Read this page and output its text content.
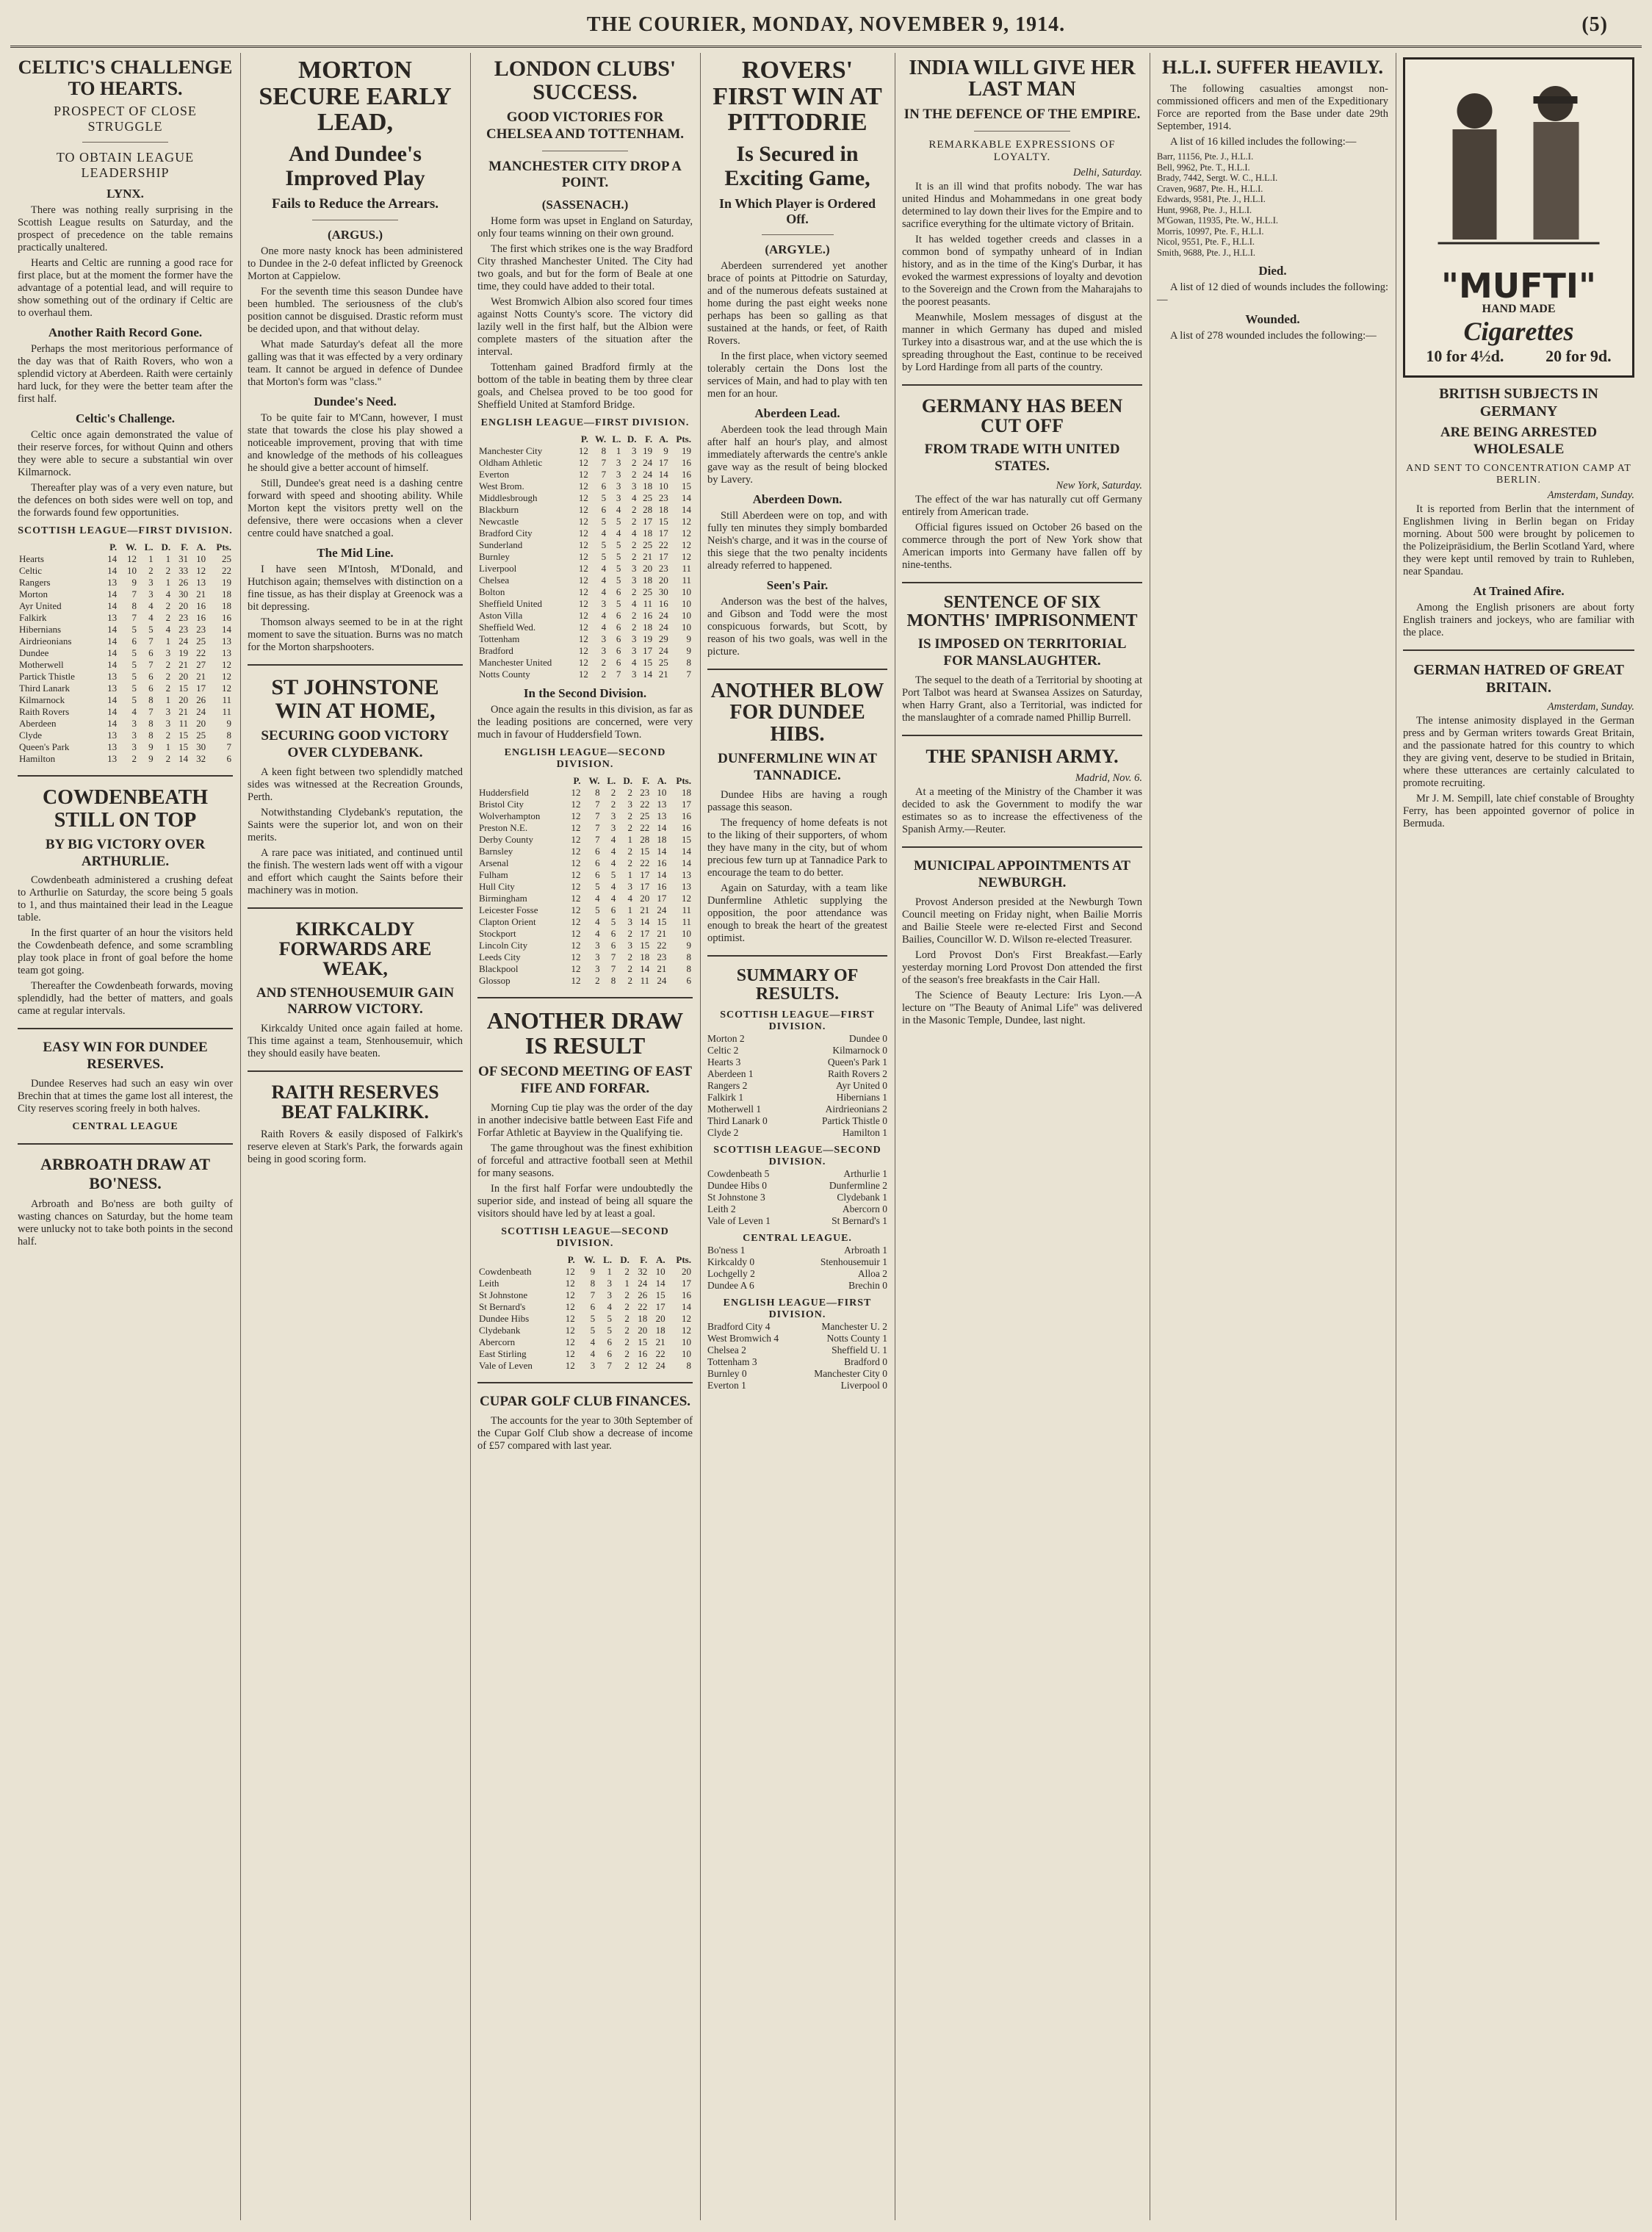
THE COURIER, MONDAY, NOVEMBER 9, 1914.	(5)
CELTIC'S CHALLENGE TO HEARTS.
PROSPECT OF CLOSE STRUGGLE
TO OBTAIN LEAGUE LEADERSHIP
LYNX.

There was nothing really surprising in the Scottish League results on Saturday, and the prospect of precedence on the table remains practically unaltered.

Hearts and Celtic are running a good race for first place, but at the moment the former have the advantage of a potential lead, and will require to show something out of the ordinary if Celtic are to overhaul them.

Another Raith Record Gone.

Perhaps the most meritorious performance of the day was that of Raith Rovers, who won a splendid victory at Aberdeen. Raith were certainly hard luck, for they were the better team after the first half.

Celtic's Challenge.

Celtic once again demonstrated the value of their reserve forces, for without Quinn and others they were able to secure a substantial win over Kilmarnock.

Thereafter play was of a very even nature, but the defences on both sides were well on top, and the forwards found few opportunities.

SCOTTISH LEAGUE—FIRST DIVISION.
	P.	W.	L.	D.	F.	A.	Pts.
Hearts	14	12	1	1	31	10	25
Celtic	14	10	2	2	33	12	22
Rangers	13	9	3	1	26	13	19
Morton	14	7	3	4	30	21	18
Ayr United	14	8	4	2	20	16	18
Falkirk	13	7	4	2	23	16	16
Hibernians	14	5	5	4	23	23	14
Airdrieonians	14	6	7	1	24	25	13
Dundee	14	5	6	3	19	22	13
Motherwell	14	5	7	2	21	27	12
Partick Thistle	13	5	6	2	20	21	12
Third Lanark	13	5	6	2	15	17	12
Kilmarnock	14	5	8	1	20	26	11
Raith Rovers	14	4	7	3	21	24	11
Aberdeen	14	3	8	3	11	20	9
Clyde	13	3	8	2	15	25	8
Queen's Park	13	3	9	1	15	30	7
Hamilton	13	2	9	2	14	32	6
COWDENBEATH STILL ON TOP
BY BIG VICTORY OVER ARTHURLIE.

Cowdenbeath administered a crushing defeat to Arthurlie on Saturday, the score being 5 goals to 1, and thus maintained their lead in the League table.

In the first quarter of an hour the visitors held the Cowdenbeath defence, and some scrambling play took place in front of goal before the home team got going.

Thereafter the Cowdenbeath forwards, moving splendidly, had the better of matters, and goals came at regular intervals.

EASY WIN FOR DUNDEE RESERVES.

Dundee Reserves had such an easy win over Brechin that at times the game lost all interest, the City reserves scoring freely in both halves.

CENTRAL LEAGUE
ARBROATH DRAW AT BO'NESS.

Arbroath and Bo'ness are both guilty of wasting chances on Saturday, but the home team were unlucky not to take both points in the second half.

MORTON SECURE EARLY LEAD,
And Dundee's Improved Play
Fails to Reduce the Arrears.
(ARGUS.)

One more nasty knock has been administered to Dundee in the 2-0 defeat inflicted by Greenock Morton at Cappielow.

For the seventh time this season Dundee have been humbled. The seriousness of the club's position cannot be disguised. Drastic reform must be decided upon, and that without delay.

What made Saturday's defeat all the more galling was that it was effected by a very ordinary team. It cannot be argued in defence of Dundee that Morton's form was "class."

Dundee's Need.

To be quite fair to M'Cann, however, I must state that towards the close his play showed a noticeable improvement, proving that with time and knowledge of the methods of his colleagues he should give a better account of himself.

Still, Dundee's great need is a dashing centre forward with speed and shooting ability. While Morton kept the visitors pretty well on the defensive, there were occasions when a clever centre could have snatched a goal.

The Mid Line.

I have seen M'Intosh, M'Donald, and Hutchison again; themselves with distinction on a fine tissue, as has their display at Greenock was a bit depressing.

Thomson always seemed to be in at the right moment to save the situation. Burns was no match for the Morton sharpshooters.

ST JOHNSTONE WIN AT HOME,
SECURING GOOD VICTORY OVER CLYDEBANK.

A keen fight between two splendidly matched sides was witnessed at the Recreation Grounds, Perth.

Notwithstanding Clydebank's reputation, the Saints were the superior lot, and won on their merits.

A rare pace was initiated, and continued until the finish. The western lads went off with a vigour and effort which caught the Saints before their machinery was in motion.

KIRKCALDY FORWARDS ARE WEAK,
AND STENHOUSEMUIR GAIN NARROW VICTORY.

Kirkcaldy United once again failed at home. This time against a team, Stenhousemuir, which they should easily have beaten.

RAITH RESERVES BEAT FALKIRK.

Raith Rovers & easily disposed of Falkirk's reserve eleven at Stark's Park, the forwards again being in good scoring form.

LONDON CLUBS' SUCCESS.
GOOD VICTORIES FOR CHELSEA AND TOTTENHAM.
MANCHESTER CITY DROP A POINT.
(SASSENACH.)

Home form was upset in England on Saturday, only four teams winning on their own ground.

The first which strikes one is the way Bradford City thrashed Manchester United. The City had two goals, and but for the form of Beale at one time, they could have added to their total.

West Bromwich Albion also scored four times against Notts County's score. The victory did lazily well in the first half, but the Albion were complete masters of the situation after the interval.

Tottenham gained Bradford firmly at the bottom of the table in beating them by three clear goals, and Chelsea proved to be too good for Sheffield United at Stamford Bridge.

ENGLISH LEAGUE—FIRST DIVISION.
	P.	W.	L.	D.	F.	A.	Pts.
Manchester City	12	8	1	3	19	9	19
Oldham Athletic	12	7	3	2	24	17	16
Everton	12	7	3	2	24	14	16
West Brom.	12	6	3	3	18	10	15
Middlesbrough	12	5	3	4	25	23	14
Blackburn	12	6	4	2	28	18	14
Newcastle	12	5	5	2	17	15	12
Bradford City	12	4	4	4	18	17	12
Sunderland	12	5	5	2	25	22	12
Burnley	12	5	5	2	21	17	12
Liverpool	12	4	5	3	20	23	11
Chelsea	12	4	5	3	18	20	11
Bolton	12	4	6	2	25	30	10
Sheffield United	12	3	5	4	11	16	10
Aston Villa	12	4	6	2	16	24	10
Sheffield Wed.	12	4	6	2	18	24	10
Tottenham	12	3	6	3	19	29	9
Bradford	12	3	6	3	17	24	9
Manchester United	12	2	6	4	15	25	8
Notts County	12	2	7	3	14	21	7
In the Second Division.

Once again the results in this division, as far as the leading positions are concerned, were very much in favour of Huddersfield Town.

ENGLISH LEAGUE—SECOND DIVISION.
	P.	W.	L.	D.	F.	A.	Pts.
Huddersfield	12	8	2	2	23	10	18
Bristol City	12	7	2	3	22	13	17
Wolverhampton	12	7	3	2	25	13	16
Preston N.E.	12	7	3	2	22	14	16
Derby County	12	7	4	1	28	18	15
Barnsley	12	6	4	2	15	14	14
Arsenal	12	6	4	2	22	16	14
Fulham	12	6	5	1	17	14	13
Hull City	12	5	4	3	17	16	13
Birmingham	12	4	4	4	20	17	12
Leicester Fosse	12	5	6	1	21	24	11
Clapton Orient	12	4	5	3	14	15	11
Stockport	12	4	6	2	17	21	10
Lincoln City	12	3	6	3	15	22	9
Leeds City	12	3	7	2	18	23	8
Blackpool	12	3	7	2	14	21	8
Glossop	12	2	8	2	11	24	6
ANOTHER DRAW IS RESULT
OF SECOND MEETING OF EAST FIFE AND FORFAR.

Morning Cup tie play was the order of the day in another indecisive battle between East Fife and Forfar Athletic at Bayview in the Qualifying tie.

The game throughout was the finest exhibition of forceful and attractive football seen at Methil for many seasons.

In the first half Forfar were undoubtedly the superior side, and instead of being all square the visitors should have led by at least a goal.

SCOTTISH LEAGUE—SECOND DIVISION.
	P.	W.	L.	D.	F.	A.	Pts.
Cowdenbeath	12	9	1	2	32	10	20
Leith	12	8	3	1	24	14	17
St Johnstone	12	7	3	2	26	15	16
St Bernard's	12	6	4	2	22	17	14
Dundee Hibs	12	5	5	2	18	20	12
Clydebank	12	5	5	2	20	18	12
Abercorn	12	4	6	2	15	21	10
East Stirling	12	4	6	2	16	22	10
Vale of Leven	12	3	7	2	12	24	8
CUPAR GOLF CLUB FINANCES.

The accounts for the year to 30th September of the Cupar Golf Club show a decrease of income of £57 compared with last year.

ROVERS' FIRST WIN AT PITTODRIE
Is Secured in Exciting Game,
In Which Player is Ordered Off.
(ARGYLE.)

Aberdeen surrendered yet another brace of points at Pittodrie on Saturday, and of the numerous defeats sustained at home during the past eight weeks none perhaps has been so galling as that sustained at the hands, or feet, of Raith Rovers.

In the first place, when victory seemed tolerably certain the Dons lost the services of Main, and had to play with ten men for an hour.

Aberdeen Lead.

Aberdeen took the lead through Main after half an hour's play, and almost immediately afterwards the centre's ankle gave way as the result of being blocked by Lavery.

Aberdeen Down.

Still Aberdeen were on top, and with fully ten minutes they simply bombarded Neish's charge, and it was in the course of this siege that the two penalty incidents already referred to happened.

Seen's Pair.

Anderson was the best of the halves, and Gibson and Todd were the most conspicuous forwards, but Scott, by reason of his two goals, was well in the picture.

ANOTHER BLOW FOR DUNDEE HIBS.
DUNFERMLINE WIN AT TANNADICE.

Dundee Hibs are having a rough passage this season.

The frequency of home defeats is not to the liking of their supporters, of whom they have many in the city, but of whom precious few turn up at Tannadice Park to encourage the team to do better.

Again on Saturday, with a team like Dunfermline Athletic supplying the opposition, the poor attendance was enough to break the heart of the greatest optimist.

SUMMARY OF RESULTS.
SCOTTISH LEAGUE—FIRST DIVISION.
Morton 2	Dundee 0
Celtic 2	Kilmarnock 0
Hearts 3	Queen's Park 1
Aberdeen 1	Raith Rovers 2
Rangers 2	Ayr United 0
Falkirk 1	Hibernians 1
Motherwell 1	Airdrieonians 2
Third Lanark 0	Partick Thistle 0
Clyde 2	Hamilton 1
SCOTTISH LEAGUE—SECOND DIVISION.
Cowdenbeath 5	Arthurlie 1
Dundee Hibs 0	Dunfermline 2
St Johnstone 3	Clydebank 1
Leith 2	Abercorn 0
Vale of Leven 1	St Bernard's 1
CENTRAL LEAGUE.
Bo'ness 1	Arbroath 1
Kirkcaldy 0	Stenhousemuir 1
Lochgelly 2	Alloa 2
Dundee A 6	Brechin 0
ENGLISH LEAGUE—FIRST DIVISION.
Bradford City 4	Manchester U. 2
West Bromwich 4	Notts County 1
Chelsea 2	Sheffield U. 1
Tottenham 3	Bradford 0
Burnley 0	Manchester City 0
Everton 1	Liverpool 0
INDIA WILL GIVE HER LAST MAN
IN THE DEFENCE OF THE EMPIRE.
REMARKABLE EXPRESSIONS OF LOYALTY.
Delhi, Saturday.

It is an ill wind that profits nobody. The war has united Hindus and Mohammedans in one great body determined to lay down their lives for the Empire and to sacrifice everything for the ultimate victory of Britain.

It has welded together creeds and classes in a common bond of sympathy unheard of in Indian history, and as in the time of the King's Durbar, it has evoked the warmest expressions of loyalty and devotion to the Sovereign and the Crown from the Maharajahs to the poorest peasants.

Meanwhile, Moslem messages of disgust at the manner in which Germany has duped and misled Turkey into a disastrous war, and at the use which the is spreading throughout the East, continue to be received by Lord Hardinge from all parts of the country.

GERMANY HAS BEEN CUT OFF
FROM TRADE WITH UNITED STATES.
New York, Saturday.

The effect of the war has naturally cut off Germany entirely from American trade.

Official figures issued on October 26 based on the commerce through the port of New York show that American imports into Germany have fallen off by nine-tenths.

SENTENCE OF SIX MONTHS' IMPRISONMENT
IS IMPOSED ON TERRITORIAL FOR MANSLAUGHTER.

The sequel to the death of a Territorial by shooting at Port Talbot was heard at Swansea Assizes on Saturday, when Harry Grant, also a Territorial, was indicted for the manslaughter of a comrade named Phillip Burrell.

THE SPANISH ARMY.
Madrid, Nov. 6.

At a meeting of the Ministry of the Chamber it was decided to ask the Government to modify the war estimates so as to increase the effectiveness of the Spanish Army.—Reuter.

MUNICIPAL APPOINTMENTS AT NEWBURGH.

Provost Anderson presided at the Newburgh Town Council meeting on Friday night, when Bailie Morris and Bailie Steele were re-elected First and Second Bailies, Councillor W. D. Wilson re-elected Treasurer.

Lord Provost Don's First Breakfast.—Early yesterday morning Lord Provost Don attended the first of the season's free breakfasts in the Cair Hall.

The Science of Beauty Lecture: Iris Lyon.—A lecture on "The Beauty of Animal Life" was delivered in the Masonic Temple, Dundee, last night.

H.L.I. SUFFER HEAVILY.

The following casualties amongst non-commissioned officers and men of the Expeditionary Force are reported from the Base under date 29th September, 1914.

A list of 16 killed includes the following:—

Barr, 11156, Pte. J., H.L.I.
Bell, 9962, Pte. T., H.L.I.
Brady, 7442, Sergt. W. C., H.L.I.
Craven, 9687, Pte. H., H.L.I.
Edwards, 9581, Pte. J., H.L.I.
Hunt, 9968, Pte. J., H.L.I.
M'Gowan, 11935, Pte. W., H.L.I.
Morris, 10997, Pte. F., H.L.I.
Nicol, 9551, Pte. F., H.L.I.
Smith, 9688, Pte. J., H.L.I.
Died.

A list of 12 died of wounds includes the following:—

Wounded.

A list of 278 wounded includes the following:—

"MUFTI"
HAND MADE
Cigarettes
10 for 4½d.	20 for 9d.
BRITISH SUBJECTS IN GERMANY
ARE BEING ARRESTED WHOLESALE
AND SENT TO CONCENTRATION CAMP AT BERLIN.
Amsterdam, Sunday.

It is reported from Berlin that the internment of Englishmen living in Berlin began on Friday morning. About 500 were brought by policemen to the Polizeipräsidium, the Berlin Scotland Yard, where they were kept until removed by train to Ruhleben, near Spandau.

At Trained Afire.

Among the English prisoners are about forty English trainers and jockeys, who are familiar with the place.

GERMAN HATRED OF GREAT BRITAIN.
Amsterdam, Sunday.

The intense animosity displayed in the German press and by German writers towards Great Britain, and the passionate hatred for this country to which they are giving vent, deserve to be studied in Britain, where these utterances are certainly calculated to promote recruiting.

Mr J. M. Sempill, late chief constable of Broughty Ferry, has been appointed governor of police in Bermuda.
